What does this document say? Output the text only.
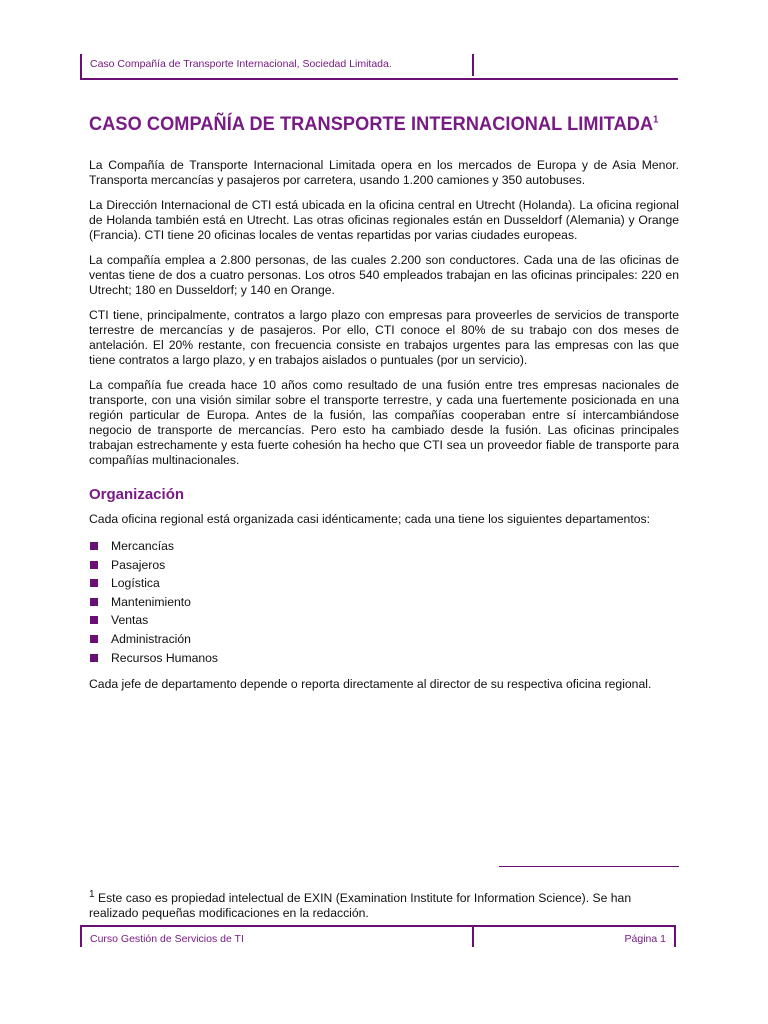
Caso Compañía de Transporte Internacional, Sociedad Limitada.
CASO COMPAÑÍA DE TRANSPORTE INTERNACIONAL LIMITADA$^1$

La Compañía de Transporte Internacional Limitada opera en los mercados de Europa y de Asia Menor. Transporta mercancías y pasajeros por carretera, usando 1.200 camiones y 350 autobuses.

La Dirección Internacional de CTI está ubicada en la oficina central en Utrecht (Holanda). La oficina regional de Holanda también está en Utrecht. Las otras oficinas regionales están en Dusseldorf (Alemania) y Orange (Francia). CTI tiene 20 oficinas locales de ventas repartidas por varias ciudades europeas.

La compañía emplea a 2.800 personas, de las cuales 2.200 son conductores. Cada una de las oficinas de ventas tiene de dos a cuatro personas. Los otros 540 empleados trabajan en las oficinas principales: 220 en Utrecht; 180 en Dusseldorf; y 140 en Orange.

CTI tiene, principalmente, contratos a largo plazo con empresas para proveerles de servicios de transporte terrestre de mercancías y de pasajeros. Por ello, CTI conoce el 80% de su trabajo con dos meses de antelación. El 20% restante, con frecuencia consiste en trabajos urgentes para las empresas con las que tiene contratos a largo plazo, y en trabajos aislados o puntuales (por un servicio).

La compañía fue creada hace 10 años como resultado de una fusión entre tres empresas nacionales de transporte, con una visión similar sobre el transporte terrestre, y cada una fuertemente posicionada en una región particular de Europa. Antes de la fusión, las compañías cooperaban entre sí intercambiándose negocio de transporte de mercancías. Pero esto ha cambiado desde la fusión. Las oficinas principales trabajan estrechamente y esta fuerte cohesión ha hecho que CTI sea un proveedor fiable de transporte para compañías multinacionales.

Organización

Cada oficina regional está organizada casi idénticamente; cada una tiene los siguientes departamentos:

Mercancías
Pasajeros
Logística
Mantenimiento
Ventas
Administración
Recursos Humanos

Cada jefe de departamento depende o reporta directamente al director de su respectiva oficina regional.

$^1$ Este caso es propiedad intelectual de EXIN (Examination Institute for Information Science). Se han realizado pequeñas modificaciones en la redacción.
Curso Gestión de Servicios de TI	Página 1
